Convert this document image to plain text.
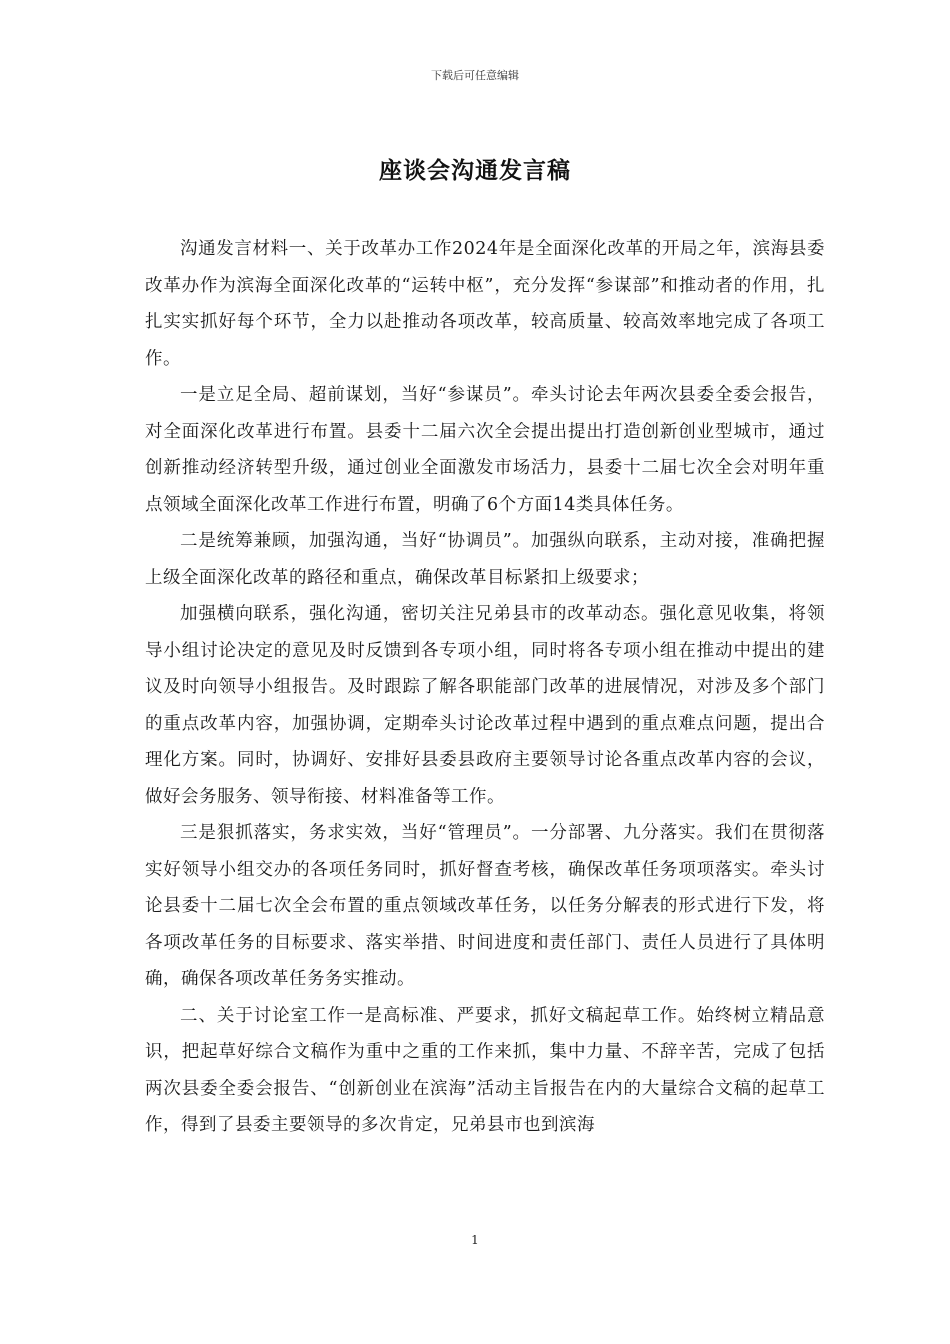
下载后可任意编辑
座谈会沟通发言稿

沟通发言材料一、关于改革办工作2024年是全面深化改革的开局之年，滨海县委改革办作为滨海全面深化改革的“运转中枢”，充分发挥“参谋部”和推动者的作用，扎扎实实抓好每个环节，全力以赴推动各项改革，较高质量、较高效率地完成了各项工作。

一是立足全局、超前谋划，当好“参谋员”。牵头讨论去年两次县委全委会报告，对全面深化改革进行布置。县委十二届六次全会提出提出打造创新创业型城市，通过创新推动经济转型升级，通过创业全面激发市场活力，县委十二届七次全会对明年重点领域全面深化改革工作进行布置，明确了6个方面14类具体任务。

二是统筹兼顾，加强沟通，当好“协调员”。加强纵向联系，主动对接，准确把握上级全面深化改革的路径和重点，确保改革目标紧扣上级要求；

加强横向联系，强化沟通，密切关注兄弟县市的改革动态。强化意见收集，将领导小组讨论决定的意见及时反馈到各专项小组，同时将各专项小组在推动中提出的建议及时向领导小组报告。及时跟踪了解各职能部门改革的进展情况，对涉及多个部门的重点改革内容，加强协调，定期牵头讨论改革过程中遇到的重点难点问题，提出合理化方案。同时，协调好、安排好县委县政府主要领导讨论各重点改革内容的会议，做好会务服务、领导衔接、材料准备等工作。

三是狠抓落实，务求实效，当好“管理员”。一分部署、九分落实。我们在贯彻落实好领导小组交办的各项任务同时，抓好督查考核，确保改革任务项项落实。牵头讨论县委十二届七次全会布置的重点领域改革任务，以任务分解表的形式进行下发，将各项改革任务的目标要求、落实举措、时间进度和责任部门、责任人员进行了具体明确，确保各项改革任务务实推动。

二、关于讨论室工作一是高标准、严要求，抓好文稿起草工作。始终树立精品意识，把起草好综合文稿作为重中之重的工作来抓，集中力量、不辞辛苦，完成了包括两次县委全委会报告、“创新创业在滨海”活动主旨报告在内的大量综合文稿的起草工作，得到了县委主要领导的多次肯定，兄弟县市也到滨海

1
